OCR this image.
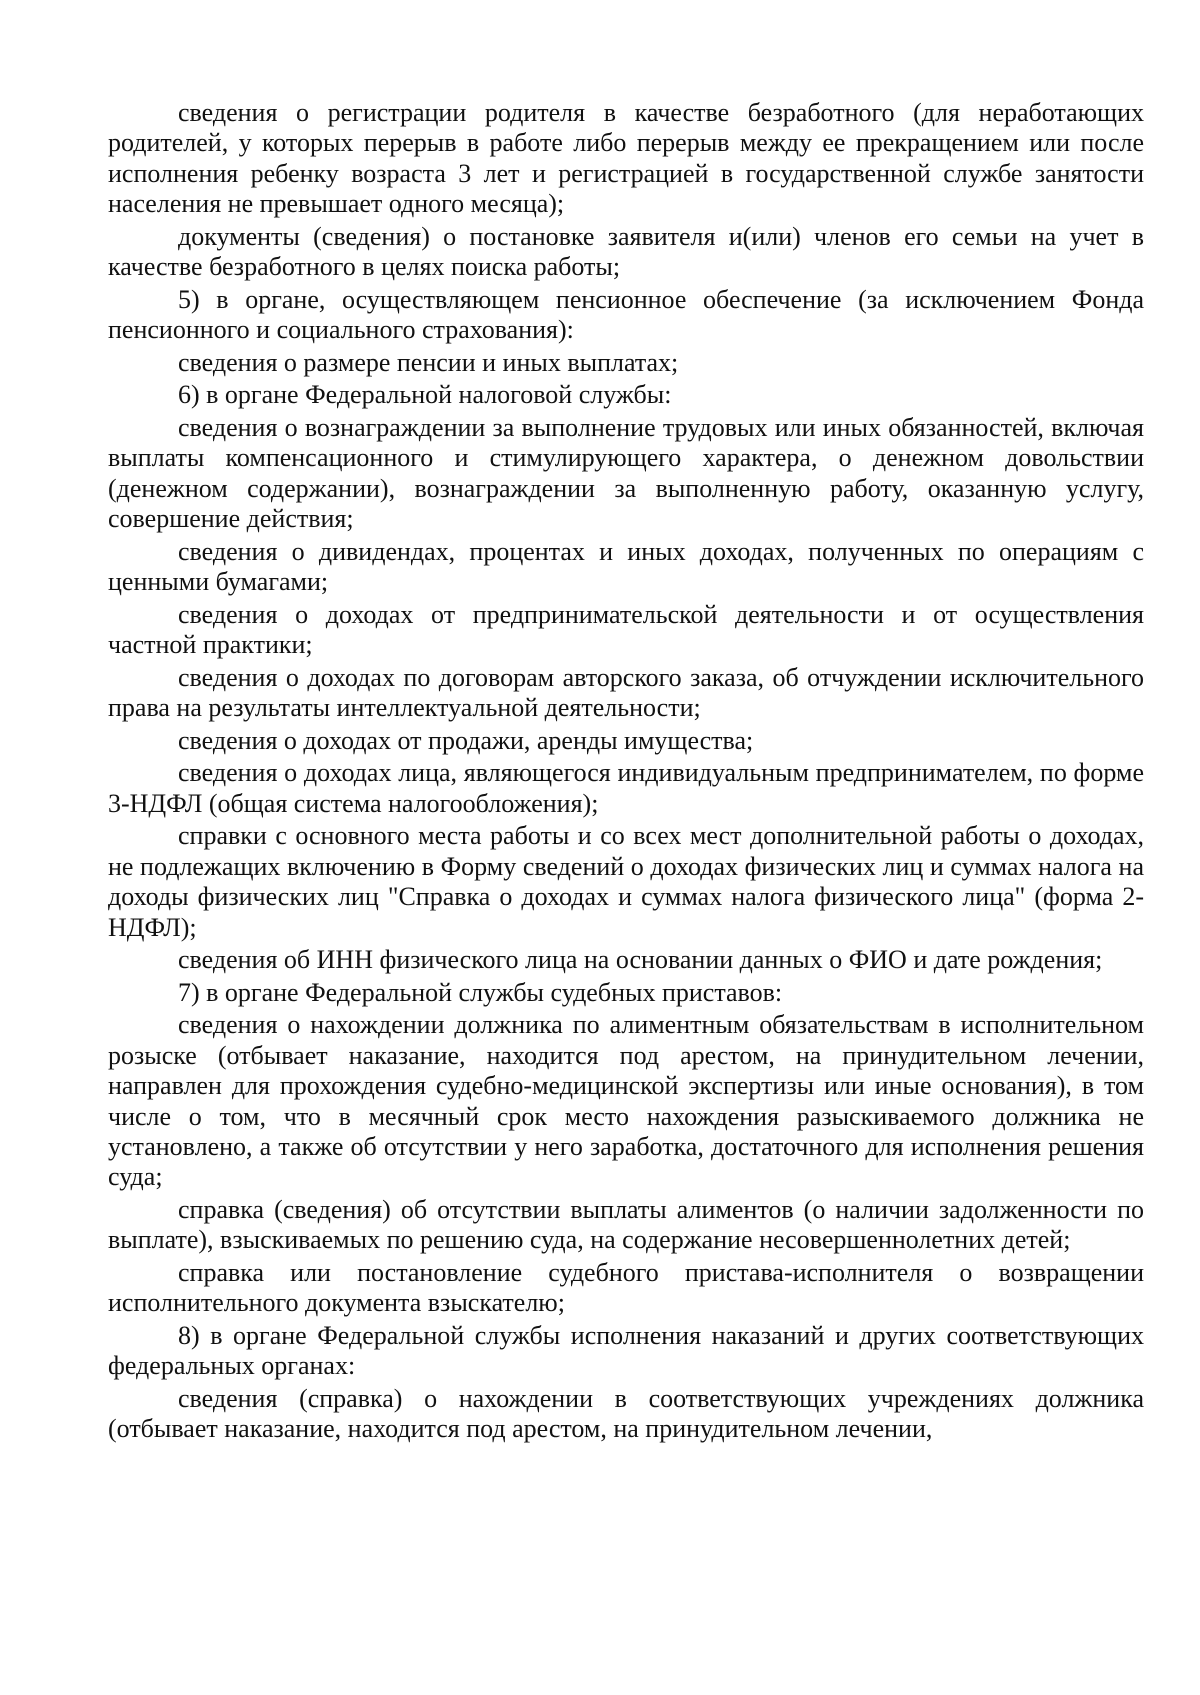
сведения о регистрации родителя в качестве безработного (для неработающих родителей, у которых перерыв в работе либо перерыв между ее прекращением или после исполнения ребенку возраста 3 лет и регистрацией в государственной службе занятости населения не превышает одного месяца);

документы (сведения) о постановке заявителя и(или) членов его семьи на учет в качестве безработного в целях поиска работы;

5) в органе, осуществляющем пенсионное обеспечение (за исключением Фонда пенсионного и социального страхования):

сведения о размере пенсии и иных выплатах;

6) в органе Федеральной налоговой службы:

сведения о вознаграждении за выполнение трудовых или иных обязанностей, включая выплаты компенсационного и стимулирующего характера, о денежном довольствии (денежном содержании), вознаграждении за выполненную работу, оказанную услугу, совершение действия;

сведения о дивидендах, процентах и иных доходах, полученных по операциям с ценными бумагами;

сведения о доходах от предпринимательской деятельности и от осуществления частной практики;

сведения о доходах по договорам авторского заказа, об отчуждении исключительного права на результаты интеллектуальной деятельности;

сведения о доходах от продажи, аренды имущества;

сведения о доходах лица, являющегося индивидуальным предпринимателем, по форме 3-НДФЛ (общая система налогообложения);

справки с основного места работы и со всех мест дополнительной работы о доходах, не подлежащих включению в Форму сведений о доходах физических лиц и суммах налога на доходы физических лиц "Справка о доходах и суммах налога физического лица" (форма 2-НДФЛ);

сведения об ИНН физического лица на основании данных о ФИО и дате рождения;

7) в органе Федеральной службы судебных приставов:

сведения о нахождении должника по алиментным обязательствам в исполнительном розыске (отбывает наказание, находится под арестом, на принудительном лечении, направлен для прохождения судебно-медицинской экспертизы или иные основания), в том числе о том, что в месячный срок место нахождения разыскиваемого должника не установлено, а также об отсутствии у него заработка, достаточного для исполнения решения суда;

справка (сведения) об отсутствии выплаты алиментов (о наличии задолженности по выплате), взыскиваемых по решению суда, на содержание несовершеннолетних детей;

справка или постановление судебного пристава-исполнителя о возвращении исполнительного документа взыскателю;

8) в органе Федеральной службы исполнения наказаний и других соответствующих федеральных органах:

сведения (справка) о нахождении в соответствующих учреждениях должника (отбывает наказание, находится под арестом, на принудительном лечении,
